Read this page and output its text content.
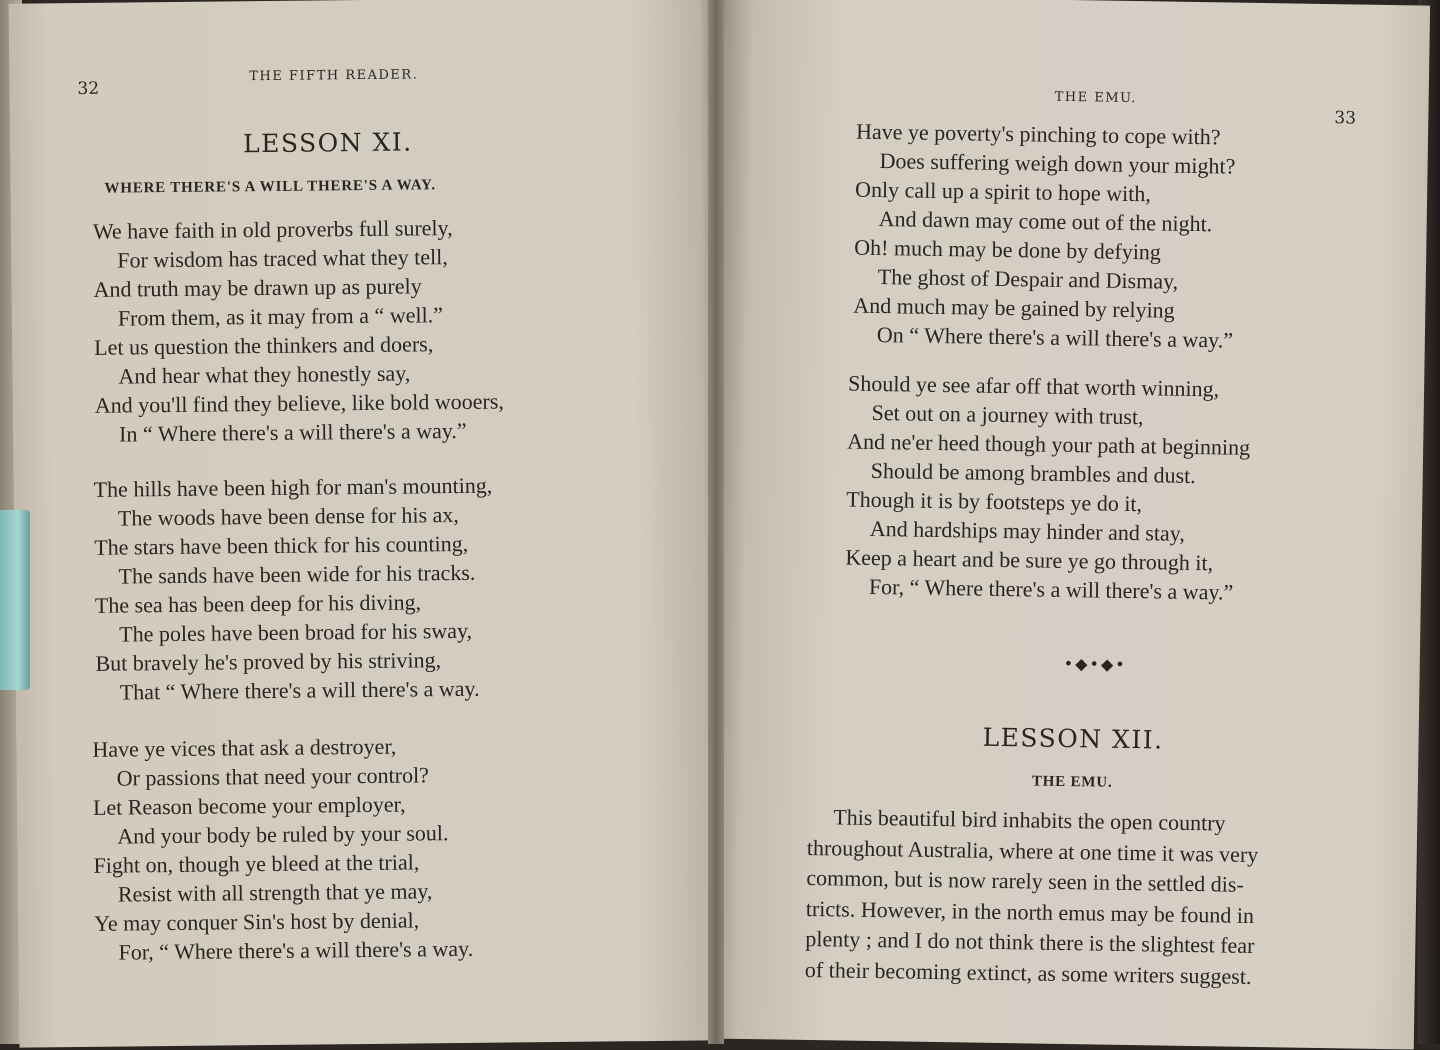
32
THE FIFTH READER.
LESSON XI.
WHERE THERE'S A WILL THERE'S A WAY.
We have faith in old proverbs full surely,
For wisdom has traced what they tell,
And truth may be drawn up as purely
From them, as it may from a “ well.”
Let us question the thinkers and doers,
And hear what they honestly say,
And you'll find they believe, like bold wooers,
In “ Where there's a will there's a way.”
The hills have been high for man's mounting,
The woods have been dense for his ax,
The stars have been thick for his counting,
The sands have been wide for his tracks.
The sea has been deep for his diving,
The poles have been broad for his sway,
But bravely he's proved by his striving,
That “ Where there's a will there's a way.
Have ye vices that ask a destroyer,
Or passions that need your control?
Let Reason become your employer,
And your body be ruled by your soul.
Fight on, though ye bleed at the trial,
Resist with all strength that ye may,
Ye may conquer Sin's host by denial,
For, “ Where there's a will there's a way.
THE EMU.
33
Have ye poverty's pinching to cope with?
Does suffering weigh down your might?
Only call up a spirit to hope with,
And dawn may come out of the night.
Oh! much may be done by defying
The ghost of Despair and Dismay,
And much may be gained by relying
On “ Where there's a will there's a way.”
Should ye see afar off that worth winning,
Set out on a journey with trust,
And ne'er heed though your path at beginning
Should be among brambles and dust.
Though it is by footsteps ye do it,
And hardships may hinder and stay,
Keep a heart and be sure ye go through it,
For, “ Where there's a will there's a way.”
•◆•◆•
LESSON XII.
THE EMU.
This beautiful bird inhabits the open country
throughout Australia, where at one time it was very
common, but is now rarely seen in the settled dis-
tricts. However, in the north emus may be found in
plenty ; and I do not think there is the slightest fear
of their becoming extinct, as some writers suggest.
